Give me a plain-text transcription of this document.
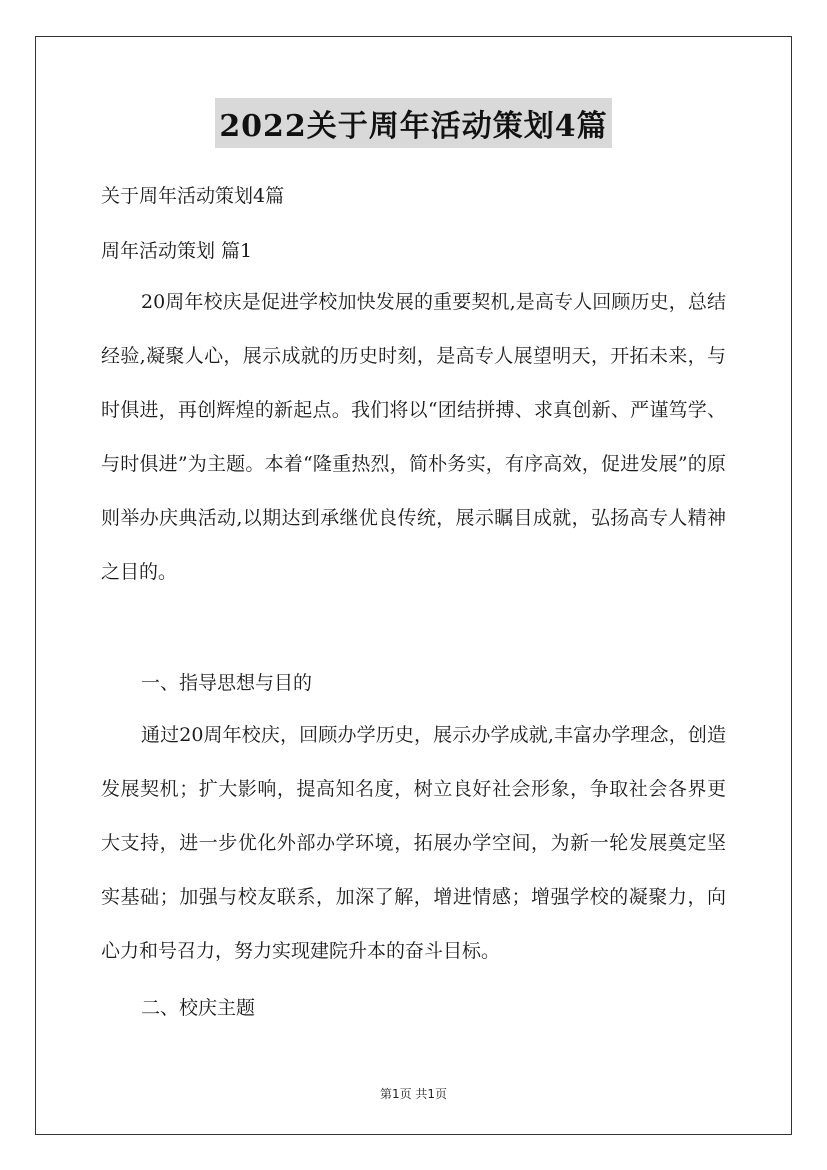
2022关于周年活动策划4篇
关于周年活动策划4篇
周年活动策划 篇1

20周年校庆是促进学校加快发展的重要契机,是高专人回顾历史，总结经验,凝聚人心，展示成就的历史时刻，是高专人展望明天，开拓未来，与时俱进，再创辉煌的新起点。我们将以“团结拼搏、求真创新、严谨笃学、与时俱进”为主题。本着“隆重热烈，简朴务实，有序高效，促进发展”的原则举办庆典活动,以期达到承继优良传统，展示瞩目成就，弘扬高专人精神之目的。

一、指导思想与目的

通过20周年校庆，回顾办学历史，展示办学成就,丰富办学理念，创造发展契机；扩大影响，提高知名度，树立良好社会形象，争取社会各界更大支持，进一步优化外部办学环境，拓展办学空间，为新一轮发展奠定坚实基础；加强与校友联系，加深了解，增进情感；增强学校的凝聚力，向心力和号召力，努力实现建院升本的奋斗目标。

二、校庆主题
第1页 共1页
